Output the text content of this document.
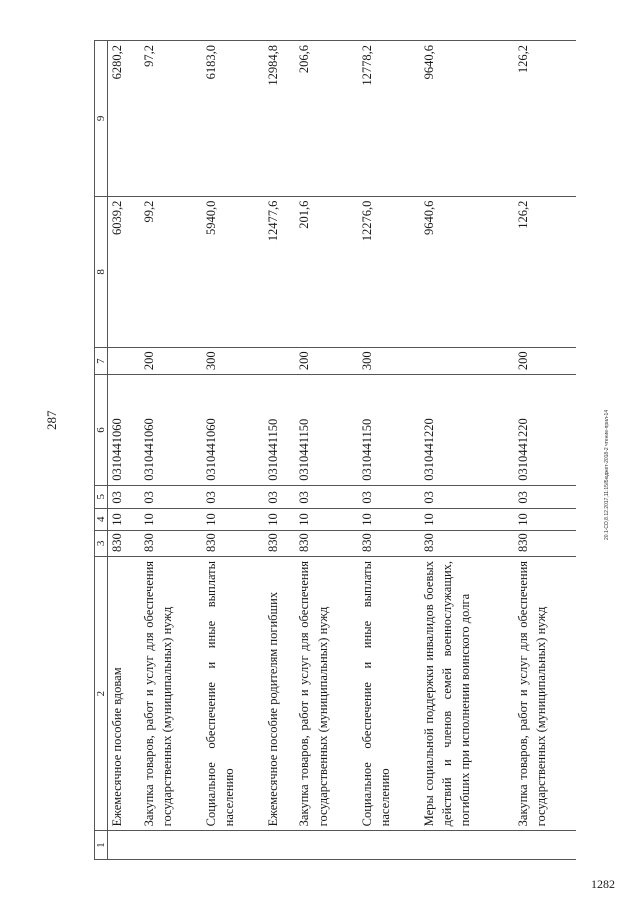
287	20.1-СО,8.12.2017,11:15/Бюджет-2018-2 чтение-прил-14
1282
1	2	3	4	5	6	7	8	9
	Ежемесячное пособие вдовам	830	10	03	0310441060		6039,2	6280,2
	Закупка товаров, работ и услуг для обеспечения государственных (муниципальных) нужд	830	10	03	0310441060	200	99,2	97,2
	Социальное обеспечение и иные выплаты населению	830	10	03	0310441060	300	5940,0	6183,0
	Ежемесячное пособие родителям погибших	830	10	03	0310441150		12477,6	12984,8
	Закупка товаров, работ и услуг для обеспечения государственных (муниципальных) нужд	830	10	03	0310441150	200	201,6	206,6
	Социальное обеспечение и иные выплаты населению	830	10	03	0310441150	300	12276,0	12778,2
	Меры социальной поддержки инвалидов боевых действий и членов семей военнослужащих, погибших при исполнении воинского долга	830	10	03	0310441220		9640,6	9640,6
	Закупка товаров, работ и услуг для обеспечения государственных (муниципальных) нужд	830	10	03	0310441220	200	126,2	126,2
